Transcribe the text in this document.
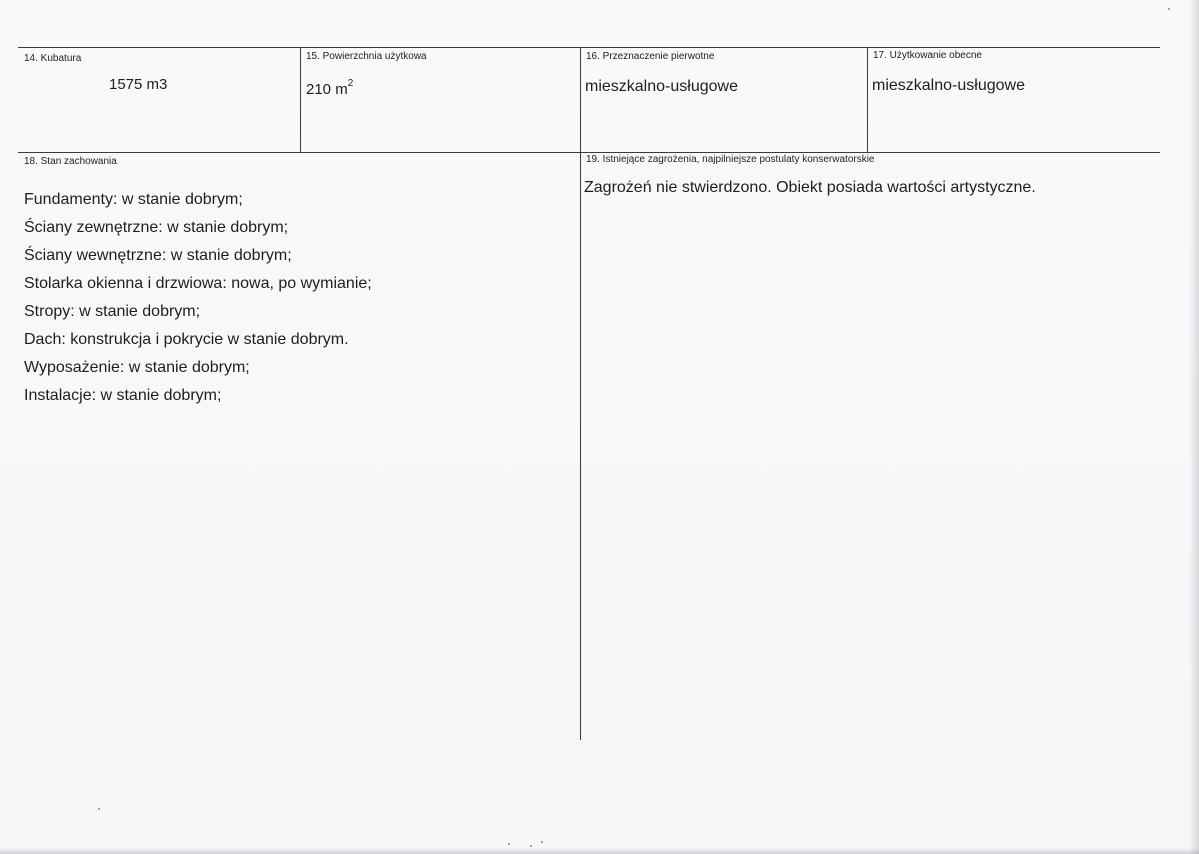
14. Kubatura
1575 m3
15. Powierzchnia użytkowa
210 $m^2$
16. Przeznaczenie pierwotne
mieszkalno-usługowe
17. Użytkowanie obecne
mieszkalno-usługowe
18. Stan zachowania
Fundamenty: w stanie dobrym;
Ściany zewnętrzne: w stanie dobrym;
Ściany wewnętrzne: w stanie dobrym;
Stolarka okienna i drzwiowa: nowa, po wymianie;
Stropy: w stanie dobrym;
Dach: konstrukcja i pokrycie w stanie dobrym.
Wyposażenie: w stanie dobrym;
Instalacje: w stanie dobrym;
19. Istniejące zagrożenia, najpilniejsze postulaty konserwatorskie
Zagrożeń nie stwierdzono. Obiekt posiada wartości artystyczne.
